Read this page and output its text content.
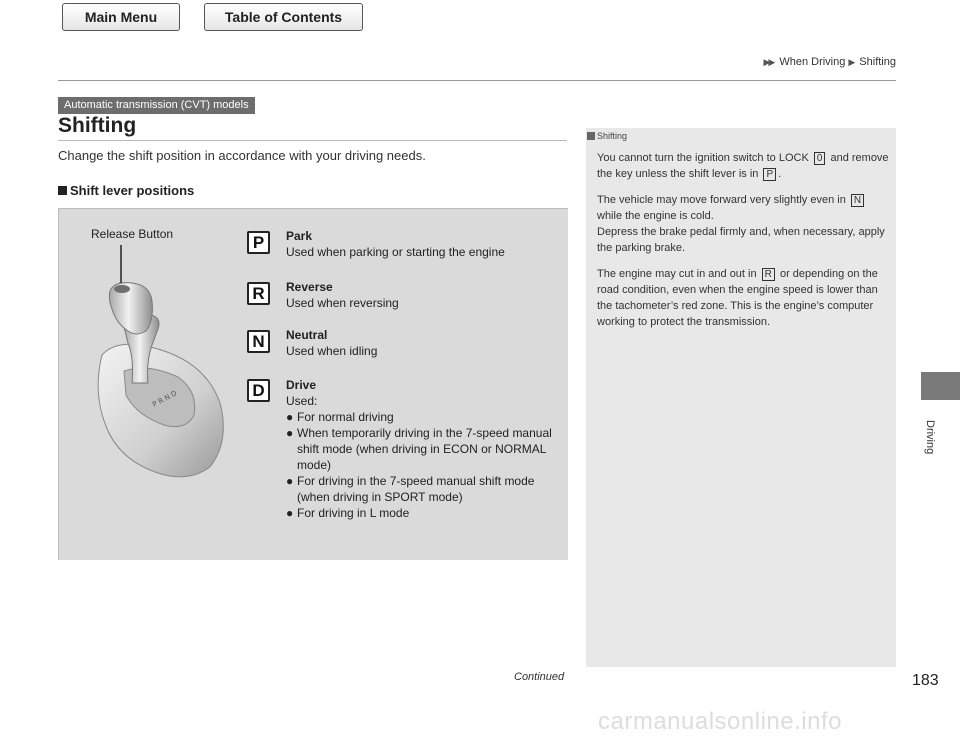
Main Menu	Table of Contents
▶▶ When Driving ▶ Shifting
Driving
Automatic transmission (CVT) models
Shifting
Change the shift position in accordance with your driving needs.
Shift lever positions
Release Button
P R N D
P	Park
Used when parking or starting the engine
R	Reverse
Used when reversing
N	Neutral
Used when idling
D	Drive
Used:
● For normal driving
● When temporarily driving in the 7-speed manual shift mode (when driving in ECON or NORMAL mode)
● For driving in the 7-speed manual shift mode (when driving in SPORT mode)
● For driving in L mode
Shifting

You cannot turn the ignition switch to LOCK 0 and remove the key unless the shift lever is in P .

The vehicle may move forward very slightly even in N while the engine is cold.
Depress the brake pedal firmly and, when necessary, apply the parking brake.

The engine may cut in and out in R or depending on the road condition, even when the engine speed is lower than the tachometer’s red zone. This is the engine’s computer working to protect the transmission.

Continued	183
carmanualsonline.info
